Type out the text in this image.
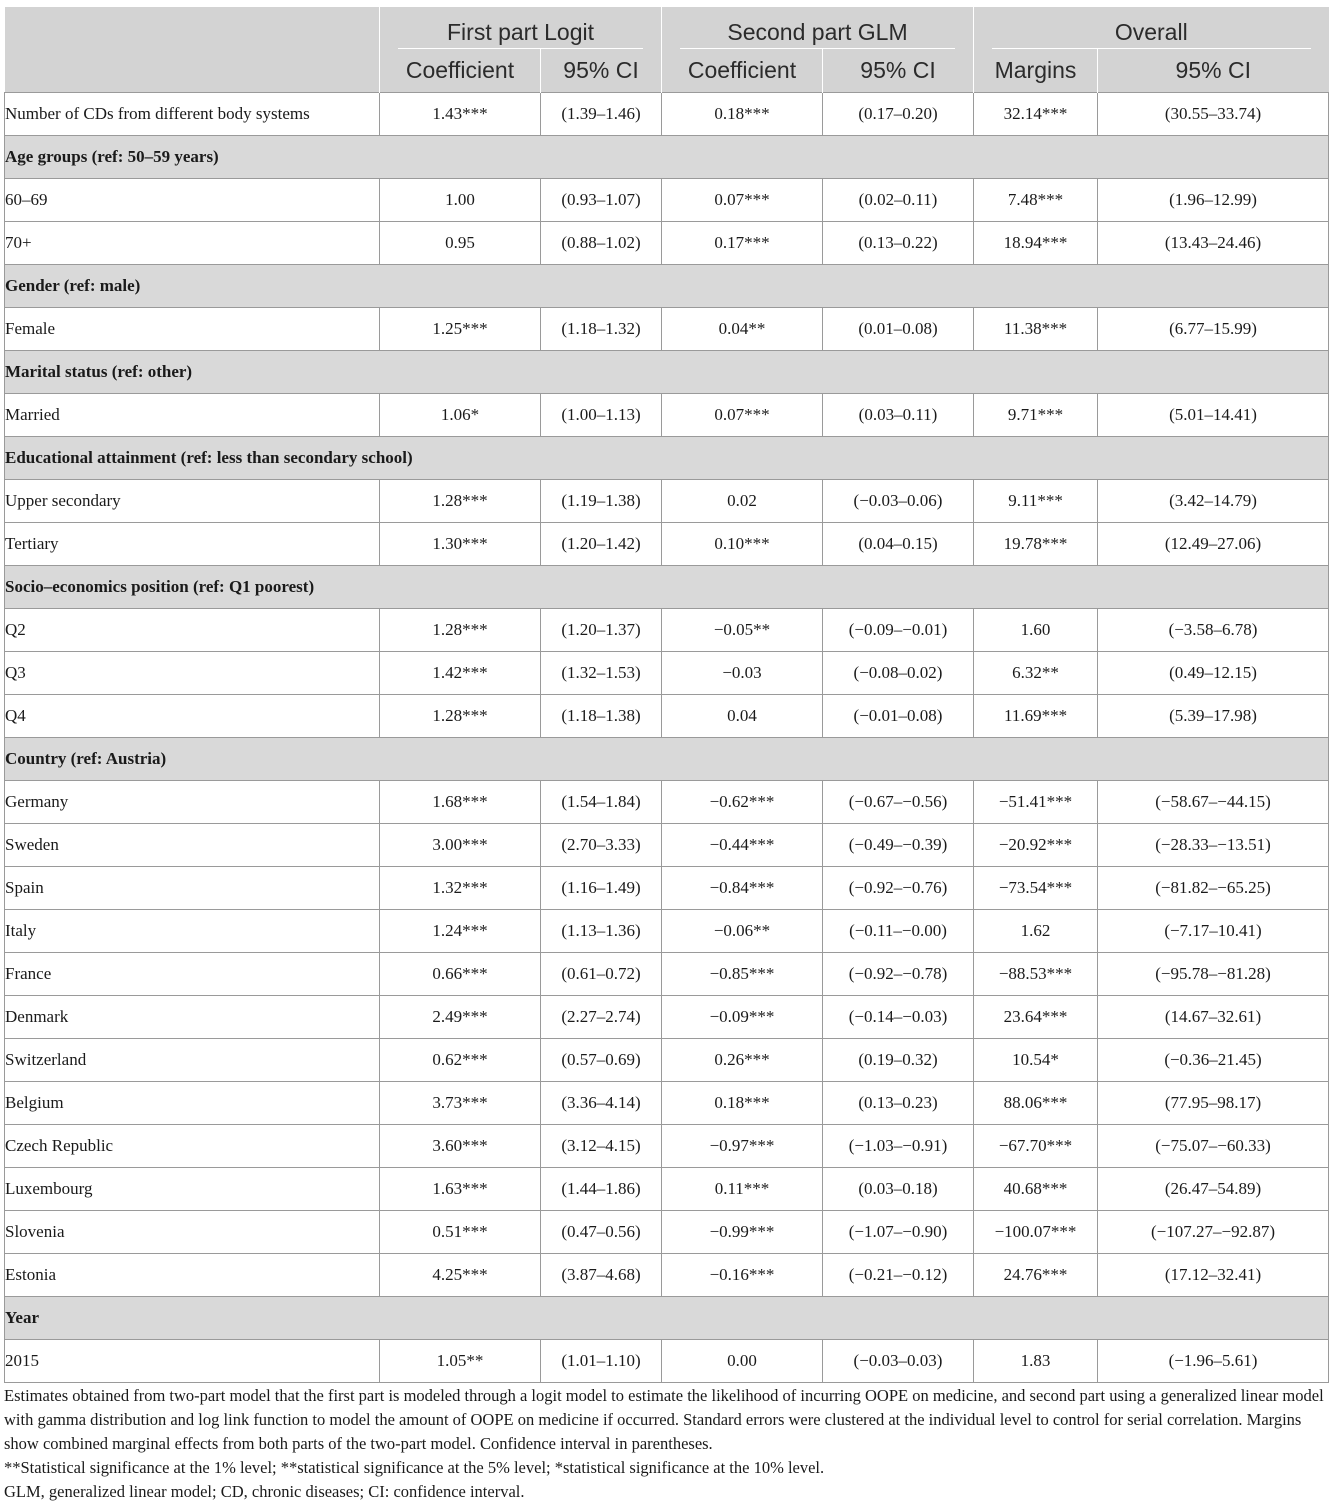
	First part Logit		Second part GLM		Overall	

	Coefficient	95% CI	Coefficient	95% CI	Margins	95% CI
Number of CDs from different body systems	1.43***	(1.39–1.46)	0.18***	(0.17–0.20)	32.14***	(30.55–33.74)
Age groups (ref: 50–59 years)						
60–69	1.00	(0.93–1.07)	0.07***	(0.02–0.11)	7.48***	(1.96–12.99)
70+	0.95	(0.88–1.02)	0.17***	(0.13–0.22)	18.94***	(13.43–24.46)
Gender (ref: male)						
Female	1.25***	(1.18–1.32)	0.04**	(0.01–0.08)	11.38***	(6.77–15.99)
Marital status (ref: other)						
Married	1.06*	(1.00–1.13)	0.07***	(0.03–0.11)	9.71***	(5.01–14.41)
Educational attainment (ref: less than secondary school)						
Upper secondary	1.28***	(1.19–1.38)	0.02	(−0.03–0.06)	9.11***	(3.42–14.79)
Tertiary	1.30***	(1.20–1.42)	0.10***	(0.04–0.15)	19.78***	(12.49–27.06)
Socio–economics position (ref: Q1 poorest)						
Q2	1.28***	(1.20–1.37)	−0.05**	(−0.09–−0.01)	1.60	(−3.58–6.78)
Q3	1.42***	(1.32–1.53)	−0.03	(−0.08–0.02)	6.32**	(0.49–12.15)
Q4	1.28***	(1.18–1.38)	0.04	(−0.01–0.08)	11.69***	(5.39–17.98)
Country (ref: Austria)						
Germany	1.68***	(1.54–1.84)	−0.62***	(−0.67–−0.56)	−51.41***	(−58.67–−44.15)
Sweden	3.00***	(2.70–3.33)	−0.44***	(−0.49–−0.39)	−20.92***	(−28.33–−13.51)
Spain	1.32***	(1.16–1.49)	−0.84***	(−0.92–−0.76)	−73.54***	(−81.82–−65.25)
Italy	1.24***	(1.13–1.36)	−0.06**	(−0.11–−0.00)	1.62	(−7.17–10.41)
France	0.66***	(0.61–0.72)	−0.85***	(−0.92–−0.78)	−88.53***	(−95.78–−81.28)
Denmark	2.49***	(2.27–2.74)	−0.09***	(−0.14–−0.03)	23.64***	(14.67–32.61)
Switzerland	0.62***	(0.57–0.69)	0.26***	(0.19–0.32)	10.54*	(−0.36–21.45)
Belgium	3.73***	(3.36–4.14)	0.18***	(0.13–0.23)	88.06***	(77.95–98.17)
Czech Republic	3.60***	(3.12–4.15)	−0.97***	(−1.03–−0.91)	−67.70***	(−75.07–−60.33)
Luxembourg	1.63***	(1.44–1.86)	0.11***	(0.03–0.18)	40.68***	(26.47–54.89)
Slovenia	0.51***	(0.47–0.56)	−0.99***	(−1.07–−0.90)	−100.07***	(−107.27–−92.87)
Estonia	4.25***	(3.87–4.68)	−0.16***	(−0.21–−0.12)	24.76***	(17.12–32.41)
Year						
2015	1.05**	(1.01–1.10)	0.00	(−0.03–0.03)	1.83	(−1.96–5.61)

Estimates obtained from two-part model that the first part is modeled through a logit model to estimate the likelihood of incurring OOPE on medicine, and second part using a generalized linear model with gamma distribution and log link function to model the amount of OOPE on medicine if occurred. Standard errors were clustered at the individual level to control for serial correlation. Margins show combined marginal effects from both parts of the two-part model. Confidence interval in parentheses.

**Statistical significance at the 1% level; **statistical significance at the 5% level; *statistical significance at the 10% level.

GLM, generalized linear model; CD, chronic diseases; CI: confidence interval.
